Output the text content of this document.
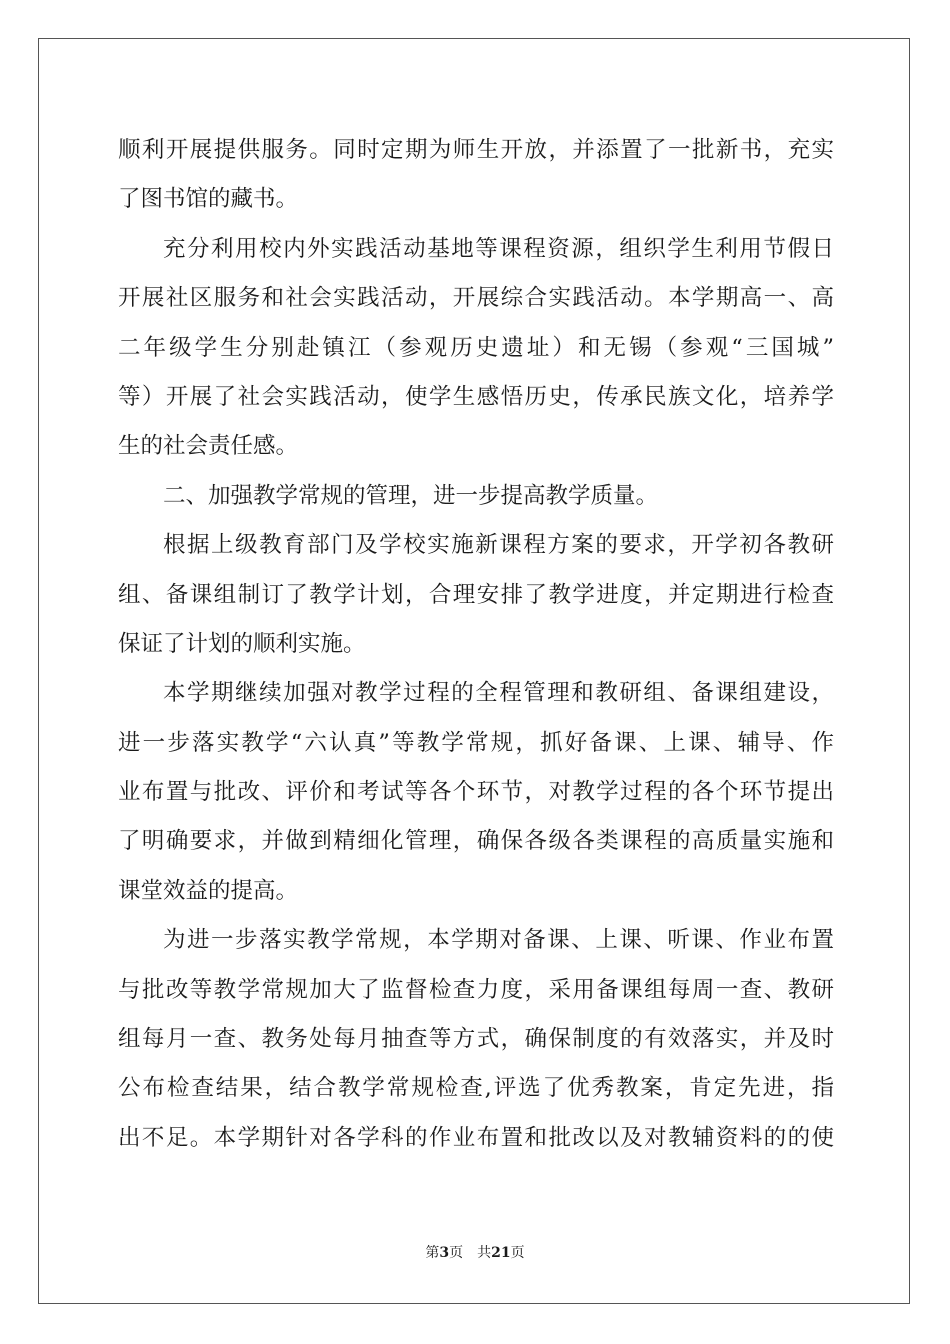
顺利开展提供服务。同时定期为师生开放，并添置了一批新书，充实
了图书馆的藏书。
充分利用校内外实践活动基地等课程资源，组织学生利用节假日
开展社区服务和社会实践活动，开展综合实践活动。本学期高一、高
二年级学生分别赴镇江（参观历史遗址）和无锡（参观“三国城”
等）开展了社会实践活动，使学生感悟历史，传承民族文化，培养学
生的社会责任感。
二、加强教学常规的管理，进一步提高教学质量。
根据上级教育部门及学校实施新课程方案的要求，开学初各教研
组、备课组制订了教学计划，合理安排了教学进度，并定期进行检查
保证了计划的顺利实施。
本学期继续加强对教学过程的全程管理和教研组、备课组建设，
进一步落实教学“六认真”等教学常规，抓好备课、上课、辅导、作
业布置与批改、评价和考试等各个环节，对教学过程的各个环节提出
了明确要求，并做到精细化管理，确保各级各类课程的高质量实施和
课堂效益的提高。
为进一步落实教学常规，本学期对备课、上课、听课、作业布置
与批改等教学常规加大了监督检查力度，采用备课组每周一查、教研
组每月一查、教务处每月抽查等方式，确保制度的有效落实，并及时
公布检查结果，结合教学常规检查,评选了优秀教案，肯定先进，指
出不足。本学期针对各学科的作业布置和批改以及对教辅资料的的使
第3页 共21页
